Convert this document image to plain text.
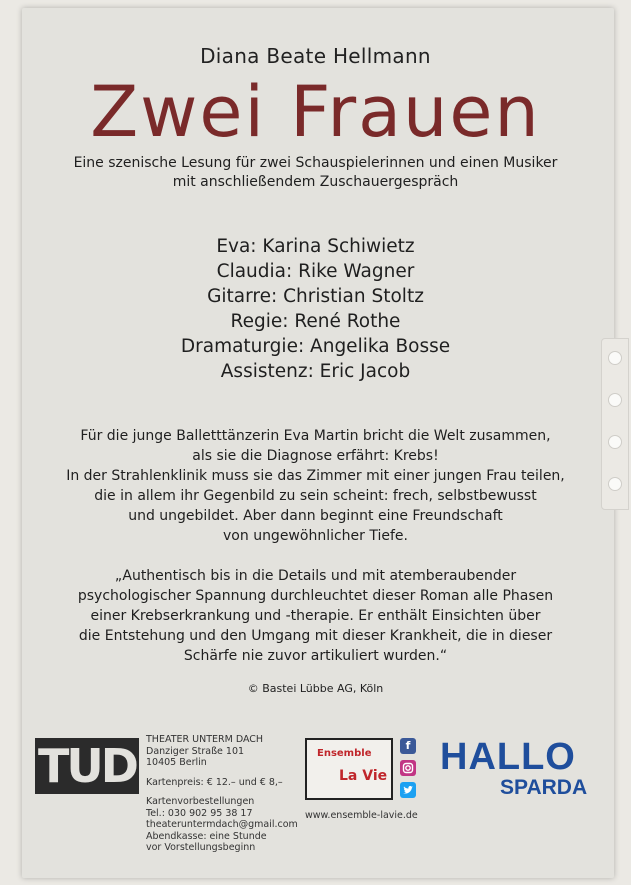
Diana Beate Hellmann
Zwei Frauen
Eine szenische Lesung für zwei Schauspielerinnen und einen Musiker
mit anschließendem Zuschauergespräch
Eva: Karina Schiwietz
Claudia: Rike Wagner
Gitarre: Christian Stoltz
Regie: René Rothe
Dramaturgie: Angelika Bosse
Assistenz: Eric Jacob
Für die junge Balletttänzerin Eva Martin bricht die Welt zusammen,
als sie die Diagnose erfährt: Krebs!
In der Strahlenklinik muss sie das Zimmer mit einer jungen Frau teilen,
die in allem ihr Gegenbild zu sein scheint: frech, selbstbewusst
und ungebildet. Aber dann beginnt eine Freundschaft
von ungewöhnlicher Tiefe.
„Authentisch bis in die Details und mit atemberaubender
psychologischer Spannung durchleuchtet dieser Roman alle Phasen
einer Krebserkrankung und -therapie. Er enthält Einsichten über
die Entstehung und den Umgang mit dieser Krankheit, die in dieser
Schärfe nie zuvor artikuliert wurden.“
© Bastei Lübbe AG, Köln
TUD	THEATER UNTERM DACH
Danziger Straße 101
10405 Berlin
Kartenpreis: € 12.– und € 8,–
Kartenvorbestellungen
Tel.: 030 902 95 38 17
theateruntermdach@gmail.com
Abendkasse: eine Stunde
vor Vorstellungsbeginn
Ensemble
La Vie
f
www.ensemble-lavie.de
HALLO
SPARDA
